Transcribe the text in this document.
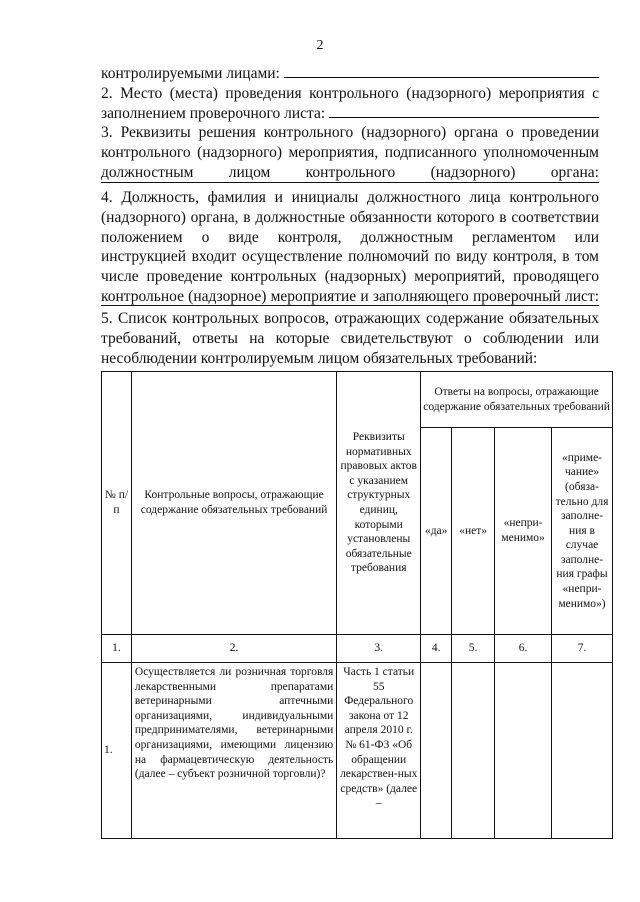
2
контролируемыми лицами:
2. Место (места) проведения контрольного (надзорного) мероприятия с
заполнением проверочного листа:
3. Реквизиты решения контрольного (надзорного) органа о проведении
контрольного (надзорного) мероприятия, подписанного уполномоченным
должностным лицом контрольного (надзорного) органа:
4. Должность, фамилия и инициалы должностного лица контрольного
(надзорного) органа, в должностные обязанности которого в соответствии
положением о виде контроля, должностным регламентом или
инструкцией входит осуществление полномочий по виду контроля, в том
числе проведение контрольных (надзорных) мероприятий, проводящего
контрольное (надзорное) мероприятие и заполняющего проверочный лист:
5. Список контрольных вопросов, отражающих содержание обязательных
требований, ответы на которые свидетельствуют о соблюдении или
несоблюдении контролируемым лицом обязательных требований:
№ п/п	Контрольные вопросы, отражающие содержание обязательных требований	Реквизиты нормативных правовых актов с указанием структурных единиц, которыми установлены обязательные требования	Ответы на вопросы, отражающие содержание обязательных требований			
			«да»	«нет»	«непри-менимо»	«приме-чание» (обяза-тельно для заполне-ния в случае заполне-ния графы «непри-менимо»)
1.	2.	3.	4.	5.	6.	7.
1.	Осуществляется ли розничная торговля лекарственными препаратами ветеринарными аптечными организациями, индивидуальными предпринимателями, ветеринарными организациями, имеющими лицензию на фармацевтическую деятельность (далее – субъект розничной торговли)?	Часть 1 статьи 55 Федерального закона от 12 апреля 2010 г. № 61-ФЗ «Об обращении лекарствен-ных средств» (далее –				
